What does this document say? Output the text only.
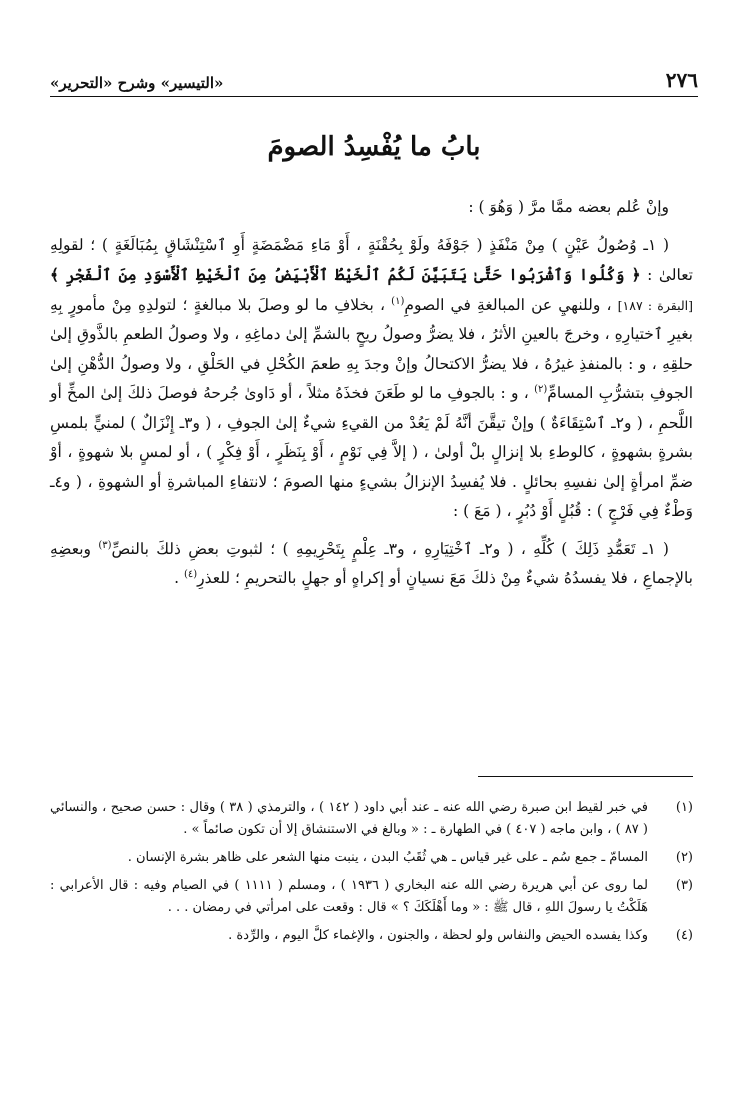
٢٧٦
«التيسير» وشرح «التحرير»
بابُ ما يُفْسِدُ الصومَ

وإنْ عُلم بعضه ممَّا مرَّ ( وَهُوَ ) :

( ١ـ وُصُولُ عَيْنٍ ) مِنْ مَنْفَذٍ ( جَوْفَهُ ولَوْ بِحُقْنَةٍ ، أَوْ مَاءِ مَضْمَضَةٍ أَوِ ٱسْتِنْشَاقٍ بِمُبَالَغَةٍ ) ؛ لقولِهِ تعالىٰ : ﴿ وَكُلُوا وَٱشْرَبُوا حَتَّىٰ يَتَبَيَّنَ لَكُمُ ٱلْخَيْطُ ٱلْأَبْيَضُ مِنَ ٱلْخَيْطِ ٱلْأَسْوَدِ مِنَ ٱلْفَجْرِ ﴾ [البقرة : ١٨٧] ، وللنهيِ عن المبالغةِ في الصومِ$^{(١)}$ ، بخلافِ ما لو وصلَ بلا مبالغةٍ ؛ لتولدِهِ مِنْ مأمورٍ بِهِ بغيرِ ٱختيارِهِ ، وخرجَ بالعينِ الأثرُ ، فلا يضرُّ وصولُ ريحٍ بالشمِّ إلىٰ دماغِهِ ، ولا وصولُ الطعمِ بالذَّوقِ إلىٰ حلقِهِ ، و : بالمنفذِ غيرُهُ ، فلا يضرُّ الاكتحالُ وإنْ وجدَ بِهِ طعمَ الكُحْلِ في الحَلْقِ ، ولا وصولُ الدُّهْنِ إلىٰ الجوفِ بتشرُّبِ المسامِّ$^{(٢)}$ ، و : بالجوفِ ما لو طَعَنَ فخذَهُ مثلاً ، أو دَاوىٰ جُرحهُ فوصلَ ذلكَ إلىٰ المخِّ أو اللَّحمِ ، ( و٢ـ ٱسْتِقَاءَةٌ ) وإنْ تيقَّنَ أنَّهُ لَمْ يَعُدْ من القيءِ شيءٌ إلىٰ الجوفِ ، ( و٣ـ إِنْزَالٌ ) لمنيٍّ بلمسِ بشرةٍ بشهوةٍ ، كالوطءِ بلا إنزالٍ بلْ أولىٰ ، ( إلاَّ فِي نَوْمٍ ، أَوْ بِنَظَرٍ ، أَوْ فِكْرٍ ) ، أو لمسٍ بلا شهوةٍ ، أوْ ضمِّ امرأةٍ إلىٰ نفسِهِ بحائلٍ . فلا يُفسِدُ الإنزالُ بشيءٍ منها الصومَ ؛ لانتفاءِ المباشرةِ أو الشهوةِ ، ( و٤ـ وَطْءٌ فِي فَرْجٍ ) : قُبُلٍ أَوْ دُبُرٍ ، ( مَعَ ) :

( ١ـ تَعَمُّدِ ذَلِكَ ) كُلِّهِ ، ( و٢ـ ٱخْتِيَارِهِ ، و٣ـ عِلْمٍ بِتَحْرِيمِهِ ) ؛ لثبوتِ بعضِ ذلكَ بالنصِّ$^{(٣)}$ وبعضِهِ بالإجماعِ ، فلا يفسدُهُ شيءٌ مِنْ ذلكَ مَعَ نسيانٍ أو إكراهٍ أو جهلٍ بالتحريمِ ؛ للعذرِ$^{(٤)}$ .

(١)
في خبر لقيط ابن صبرة رضي الله عنه ـ عند أبي داود ( ١٤٢ ) ، والترمذي ( ٣٨ ) وقال : حسن صحيح ، والنسائي ( ٨٧ ) ، وابن ماجه ( ٤٠٧ ) في الطهارة ـ : « وبالغ في الاستنشاق إلا أن تكون صائماً » .
(٢)
المسامّ ـ جمع سُم ـ على غير قياس ـ هي ثُقَبُ البدن ، ينبت منها الشعر على ظاهر بشرة الإنسان .
(٣)
لما روى عن أبي هريرة رضي الله عنه البخاري ( ١٩٣٦ ) ، ومسلم ( ١١١١ ) في الصيام وفيه : قال الأعرابي : هَلَكْتُ يا رسولَ اللهِ ، قال ﷺ : « وما أَهْلَكَكَ ؟ » قال : وقعت على امرأتي في رمضان . . .
(٤)
وكذا يفسده الحيض والنفاس ولو لحظة ، والجنون ، والإغماء كلَّ اليوم ، والرِّدة .
